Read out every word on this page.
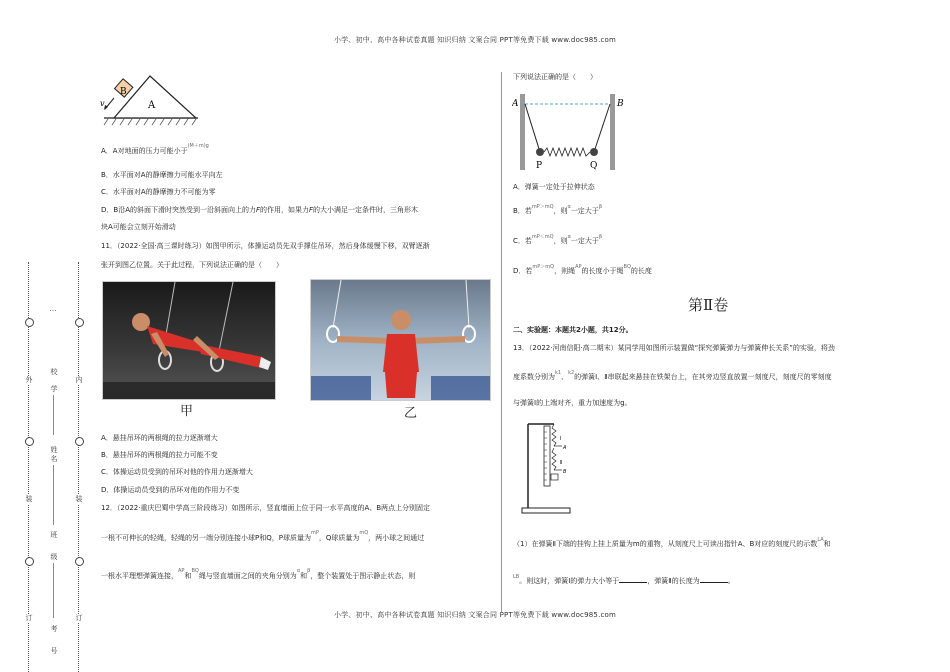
小学、初中、高中各种试卷真题 知识归纳 文案合同 PPT等免费下载 www.doc985.com
外
装
订
内
装
订
…
校
学
姓
名
班
级
考
号
B
A
v
A．A对地面的压力可能小于$^{(M+m)g}$
B．水平面对A的静摩擦力可能水平向左
C．水平面对A的静摩擦力不可能为零
D．B沿A的斜面下滑时突然受到一沿斜面向上的力F的作用，如果力F的大小满足一定条件时，三角形木
块A可能会立刻开始滑动
11．（2022·全国·高三课时练习）如图甲所示，体操运动员先双手撑住吊环，然后身体缓慢下移，双臂逐渐
张开到图乙位置。关于此过程，下列说法正确的是（　　）
甲	乙
A．悬挂吊环的两根绳的拉力逐渐增大
B．悬挂吊环的两根绳的拉力可能不变
C．体操运动员受到的吊环对他的作用力逐渐增大
D．体操运动员受到的吊环对他的作用力不变
12．（2022·重庆巴蜀中学高三阶段练习）如图所示，竖直墙面上位于同一水平高度的A、B两点上分别固定
一根不可伸长的轻绳，轻绳的另一端分别连接小球P和Q，P球质量为$^{mP}$，Q球质量为$^{mQ}$，两小球之间通过
一根水平理想弹簧连接，$^{AP}$和$^{BQ}$绳与竖直墙面之间的夹角分别为$^\alpha$和$^\beta$，整个装置处于图示静止状态，则
下列说法正确的是（　　）
A	B
P	Q
A．弹簧一定处于拉伸状态
B．若$^{mP>mQ}$，则$^\alpha$一定大于$^\beta$
C．若$^{mP<mQ}$，则$^\alpha$一定大于$^\beta$
D．若$^{mP>mQ}$，则绳$^{AP}$的长度小于绳$^{BQ}$的长度
第Ⅱ卷
二、实验题：本题共2小题，共12分。
13．（2022·河南信阳·高二期末）某同学用如图所示装置做“探究弹簧弹力与弹簧伸长关系”的实验，将劲
度系数分别为$^{k1}$、$^{k2}$的弹簧Ⅰ、Ⅱ串联起来悬挂在铁架台上，在其旁边竖直放置一刻度尺，刻度尺的零刻度
与弹簧Ⅰ的上端对齐，重力加速度为g。
Ⅰ
A
Ⅱ
B
（1）在弹簧Ⅱ下端的挂钩上挂上质量为m的重物，从刻度尺上可读出指针A、B对应的刻度尺的示数$^{LA}$和
$^{LB}$。则这时，弹簧Ⅰ的弹力大小等于	，弹簧Ⅱ的长度为	。
小学、初中、高中各种试卷真题 知识归纳 文案合同 PPT等免费下载 www.doc985.com
